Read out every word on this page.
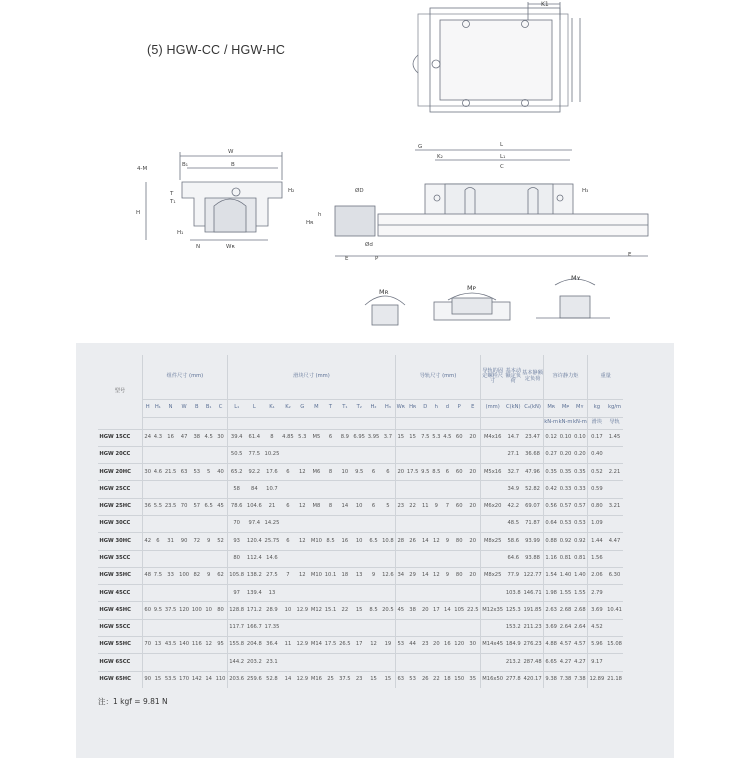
(5) HGW-CC / HGW-HC
K1
W
B₁	B
4-M
T
T₁
H
H₁
H₂
N	Wʀ
G
K₂
L
L₁
C
H₃
Hʀ
ØD
h
Ød
E	P
E
Mʀ	Mᴘ
Mʏ
型号	组件尺寸 (mm)							滑块尺寸 (mm)											导轨尺寸 (mm)							导轨的固定螺栓尺寸	基本动额定负荷	基本静额定负荷	容许静力矩			重量	
	H	H₁	N	W	B	B₁	C	L₁	L	K₁	K₂	G	M	T	T₁	T₂	H₂	H₃	Wʀ	Hʀ	D	h	d	P	E	(mm)	C(kN)	C₀(kN)	Mʀ	Mᴘ	Mʏ	kg	kg/m
																													kN-m	kN-m	kN-m	滑块	导轨
HGW 15CC	24	4.3	16	47	38	4.5	30	39.4	61.4	8	4.85	5.3	M5	6	8.9	6.95	3.95	3.7	15	15	7.5	5.3	4.5	60	20	M4x16	14.7	23.47	0.12	0.10	0.10	0.17	1.45
HGW 20CC								50.5	77.5	10.25																	27.1	36.68	0.27	0.20	0.20	0.40	
HGW 20HC	30	4.6	21.5	63	53	5	40	65.2	92.2	17.6	6	12	M6	8	10	9.5	6	6	20	17.5	9.5	8.5	6	60	20	M5x16	32.7	47.96	0.35	0.35	0.35	0.52	2.21
HGW 25CC								58	84	10.7																	34.9	52.82	0.42	0.33	0.33	0.59	
HGW 25HC	36	5.5	23.5	70	57	6.5	45	78.6	104.6	21	6	12	M8	8	14	10	6	5	23	22	11	9	7	60	20	M6x20	42.2	69.07	0.56	0.57	0.57	0.80	3.21
HGW 30CC								70	97.4	14.25																	48.5	71.87	0.64	0.53	0.53	1.09	
HGW 30HC	42	6	31	90	72	9	52	93	120.4	25.75	6	12	M10	8.5	16	10	6.5	10.8	28	26	14	12	9	80	20	M8x25	58.6	93.99	0.88	0.92	0.92	1.44	4.47
HGW 35CC								80	112.4	14.6																	64.6	93.88	1.16	0.81	0.81	1.56	
HGW 35HC	48	7.5	33	100	82	9	62	105.8	138.2	27.5	7	12	M10	10.1	18	13	9	12.6	34	29	14	12	9	80	20	M8x25	77.9	122.77	1.54	1.40	1.40	2.06	6.30
HGW 45CC								97	139.4	13																	103.8	146.71	1.98	1.55	1.55	2.79	
HGW 45HC	60	9.5	37.5	120	100	10	80	128.8	171.2	28.9	10	12.9	M12	15.1	22	15	8.5	20.5	45	38	20	17	14	105	22.5	M12x35	125.3	191.85	2.63	2.68	2.68	3.69	10.41
HGW 55CC								117.7	166.7	17.35																	153.2	211.23	3.69	2.64	2.64	4.52	
HGW 55HC	70	13	43.5	140	116	12	95	155.8	204.8	36.4	11	12.9	M14	17.5	26.5	17	12	19	53	44	23	20	16	120	30	M14x45	184.9	276.23	4.88	4.57	4.57	5.96	15.08
HGW 65CC								144.2	203.2	23.1																	213.2	287.48	6.65	4.27	4.27	9.17	
HGW 65HC	90	15	53.5	170	142	14	110	203.6	259.6	52.8	14	12.9	M16	25	37.5	23	15	15	63	53	26	22	18	150	35	M16x50	277.8	420.17	9.38	7.38	7.38	12.89	21.18
注：1 kgf = 9.81 N
